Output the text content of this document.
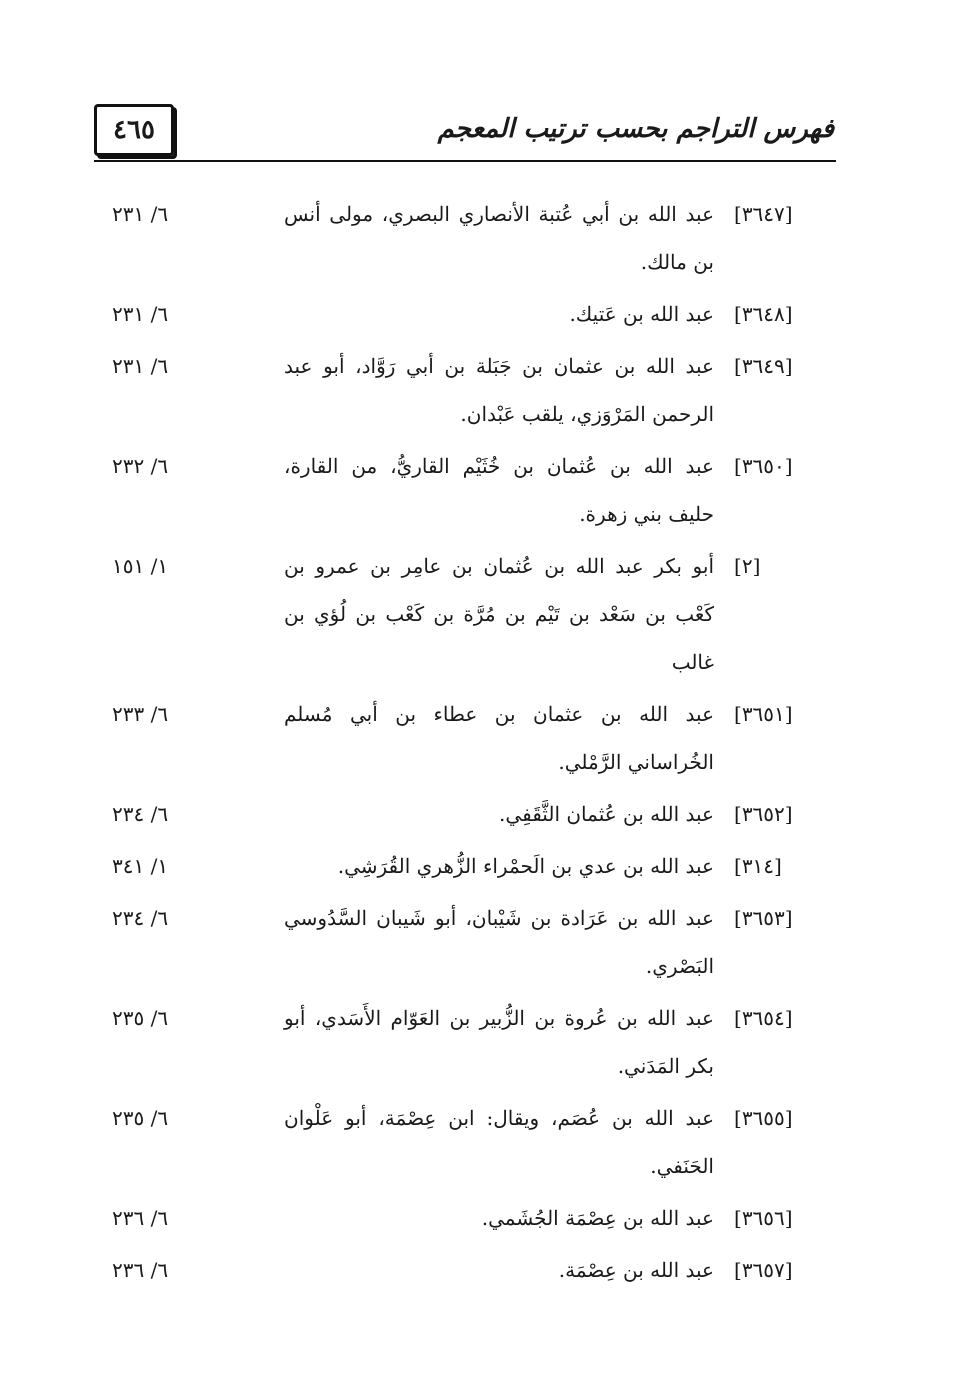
٤٦٥	فهرس التراجم بحسب ترتيب المعجم
[٣٦٤٧]
عبد الله بن أبي عُتبة الأنصاري البصري، مولى أنس بن مالك.
٦/ ٢٣١
[٣٦٤٨]
عبد الله بن عَتيك.
٦/ ٢٣١
[٣٦٤٩]
عبد الله بن عثمان بن جَبَلة بن أبي رَوَّاد، أبو عبد الرحمن المَرْوَزي، يلقب عَبْدان.
٦/ ٢٣١
[٣٦٥٠]
عبد الله بن عُثمان بن خُثَيْم القاريُّ، من القارة، حليف بني زهرة.
٦/ ٢٣٢
[٢]
أبو بكر عبد الله بن عُثمان بن عامِر بن عمرو بن كَعْب بن سَعْد بن تَيْم بن مُرَّة بن كَعْب بن لُؤي بن غالب
١/ ١٥١
[٣٦٥١]
عبد الله بن عثمان بن عطاء بن أبي مُسلم الخُراساني الرَّمْلي.
٦/ ٢٣٣
[٣٦٥٢]
عبد الله بن عُثمان الثَّقَفِي.
٦/ ٢٣٤
[٣١٤]
عبد الله بن عدي بن الَحمْراء الزُّهري القُرَشِي.
١/ ٣٤١
[٣٦٥٣]
عبد الله بن عَرَادة بن شَيْبان، أبو شَيبان السَّدُوسي البَصْري.
٦/ ٢٣٤
[٣٦٥٤]
عبد الله بن عُروة بن الزُّبير بن العَوّام الأَسَدي، أبو بكر المَدَني.
٦/ ٢٣٥
[٣٦٥٥]
عبد الله بن عُصَم، ويقال: ابن عِصْمَة، أبو عَلْوان الحَنَفي.
٦/ ٢٣٥
[٣٦٥٦]
عبد الله بن عِصْمَة الجُشَمي.
٦/ ٢٣٦
[٣٦٥٧]
عبد الله بن عِصْمَة.
٦/ ٢٣٦
